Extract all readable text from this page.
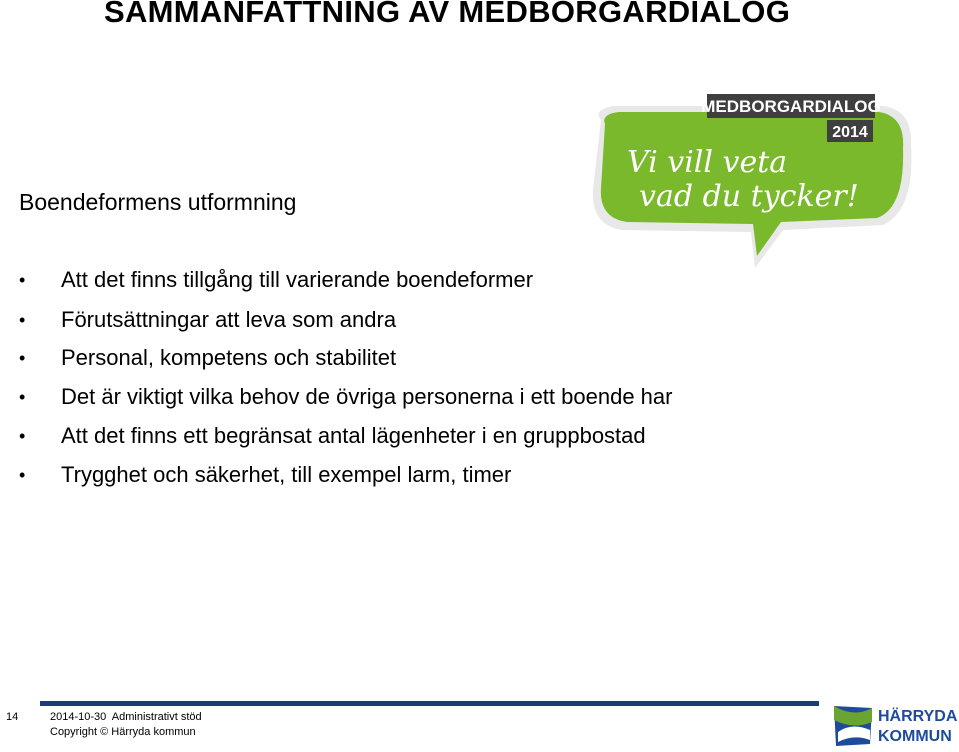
SAMMANFATTNING AV MEDBORGARDIALOG
Boendeformens utformning
•	Att det finns tillgång till varierande boendeformer
•	Förutsättningar att leva som andra
•	Personal, kompetens och stabilitet
•	Det är viktigt vilka behov de övriga personerna i ett boende har
•	Att det finns ett begränsat antal lägenheter i en gruppbostad
•	Trygghet och säkerhet, till exempel larm, timer
MEDBORGARDIALOG
2014
Vi vill veta
vad du tycker!
14	2014-10-30  Administrativt stöd
Copyright © Härryda kommun
HÄRRYDA
KOMMUN
